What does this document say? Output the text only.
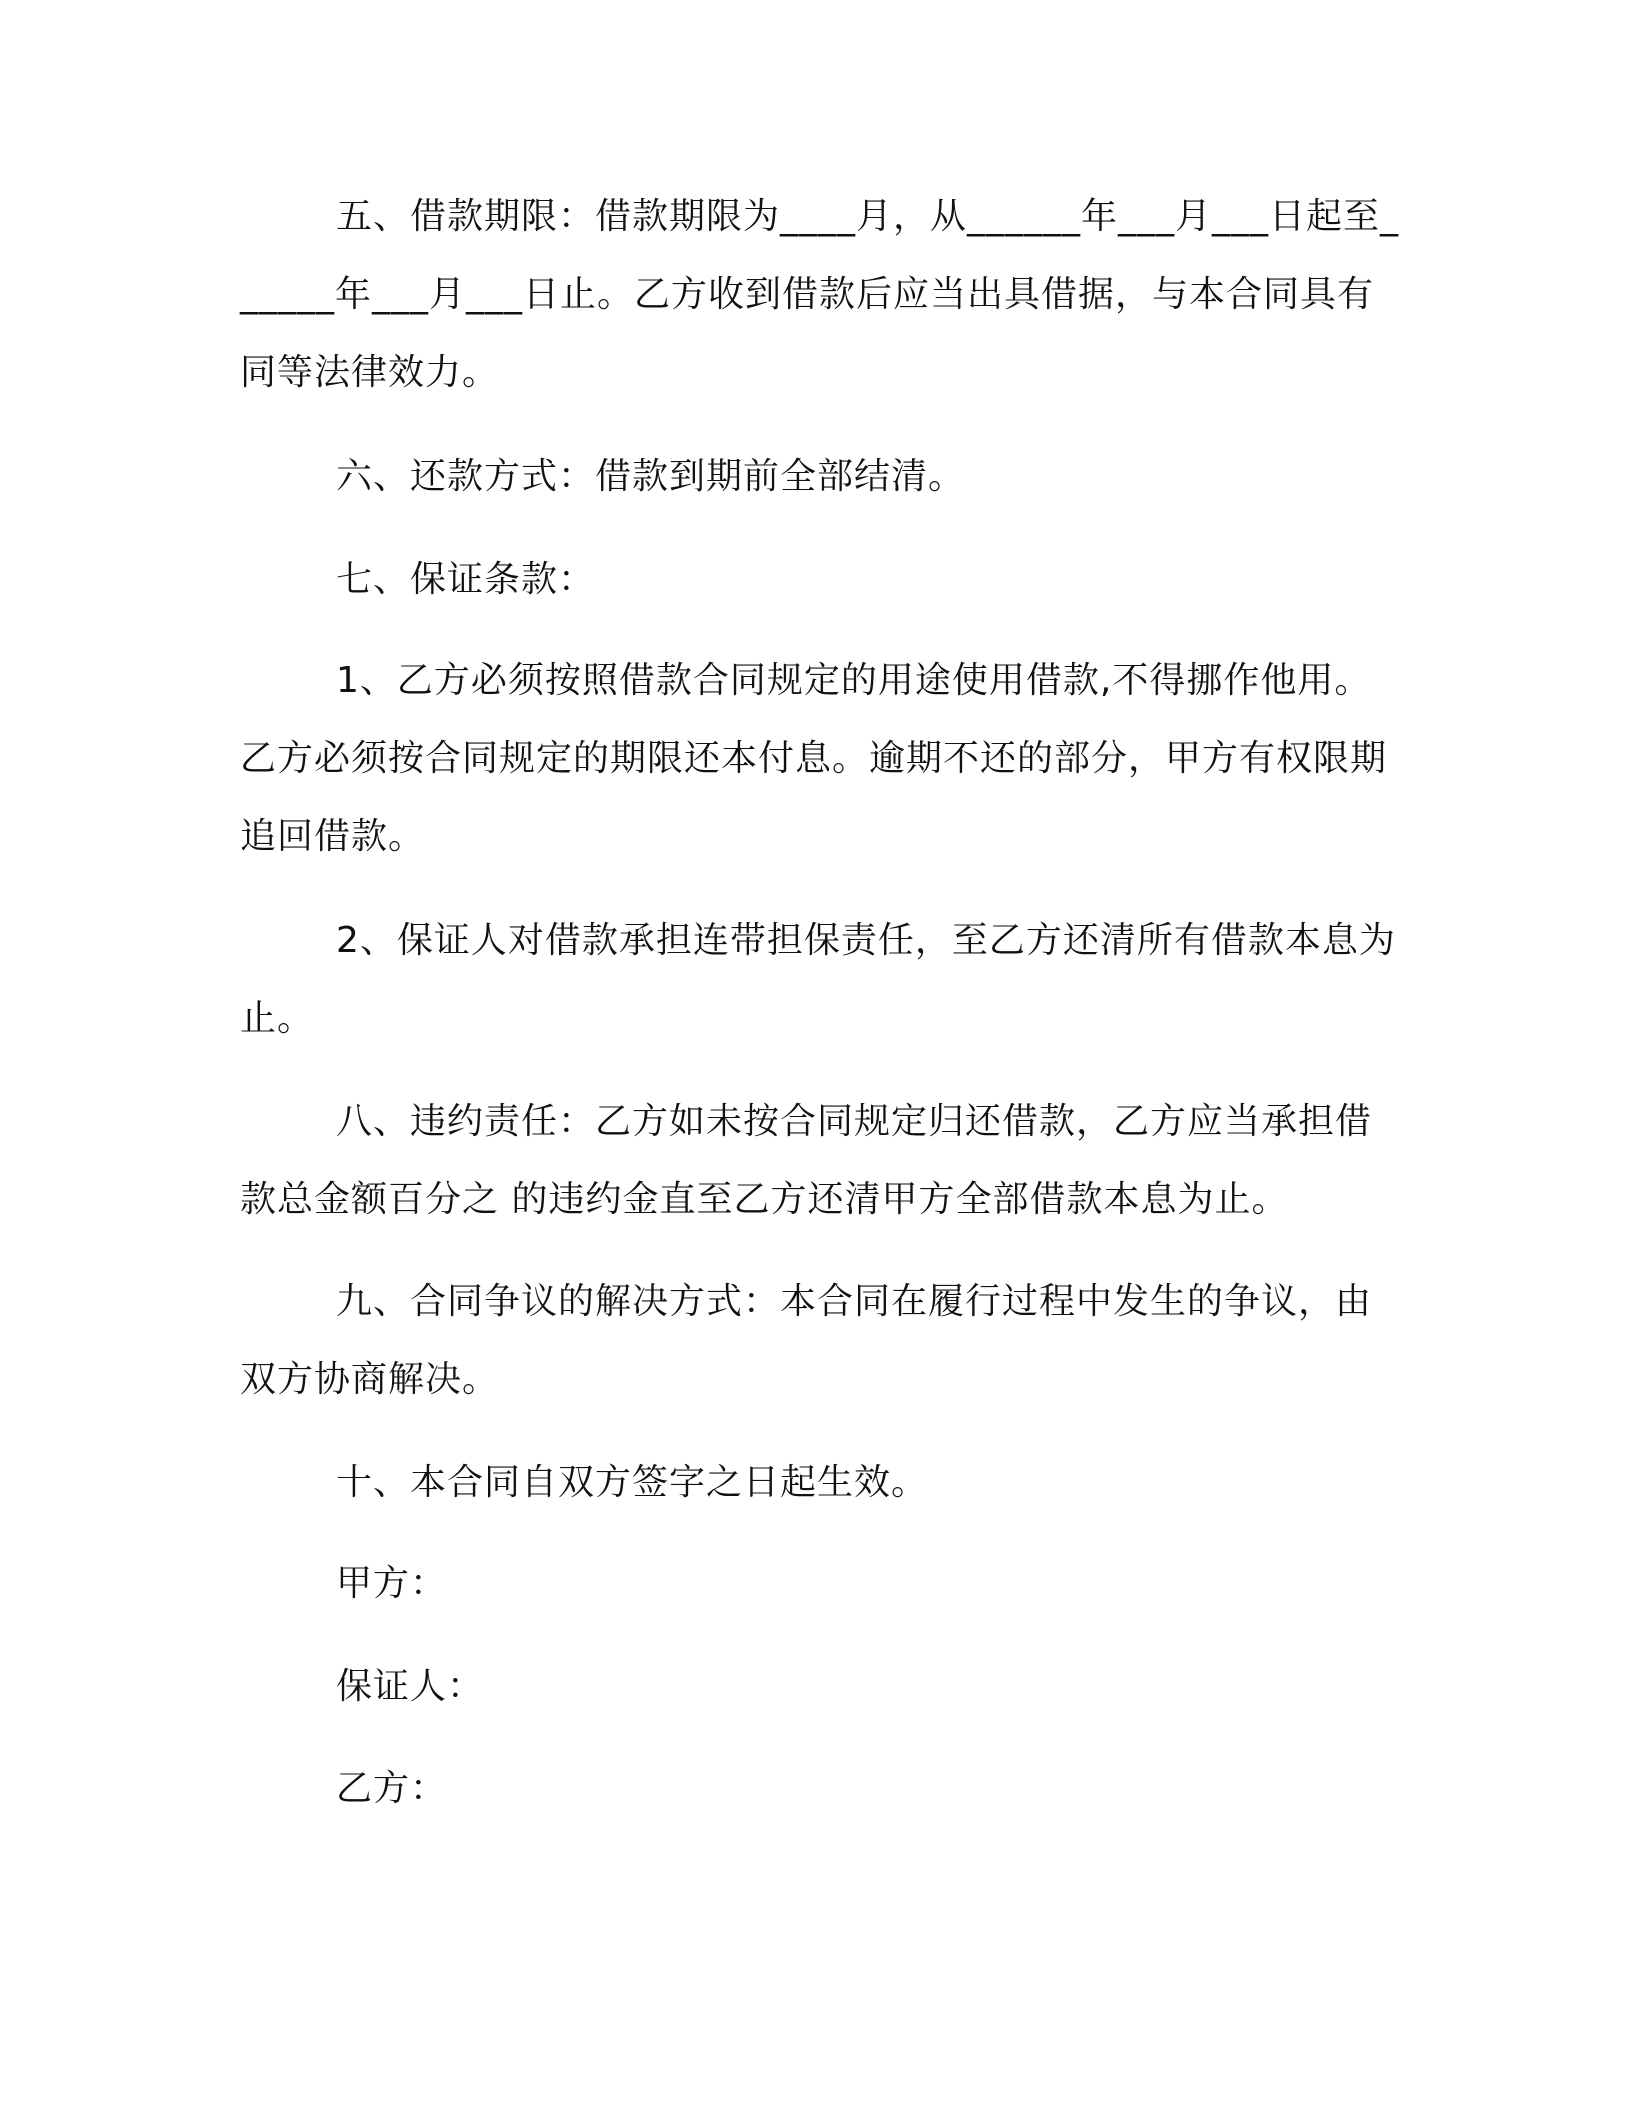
五、借款期限：借款期限为____月，从______年___月___日起至______年___月___日止。乙方收到借款后应当出具借据，与本合同具有同等法律效力。

六、还款方式：借款到期前全部结清。

七、保证条款：

1、乙方必须按照借款合同规定的用途使用借款,不得挪作他用。乙方必须按合同规定的期限还本付息。逾期不还的部分，甲方有权限期追回借款。

2、保证人对借款承担连带担保责任，至乙方还清所有借款本息为止。

八、违约责任：乙方如未按合同规定归还借款，乙方应当承担借款总金额百分之 的违约金直至乙方还清甲方全部借款本息为止。

九、合同争议的解决方式：本合同在履行过程中发生的争议，由双方协商解决。

十、本合同自双方签字之日起生效。

甲方：

保证人：

乙方：
